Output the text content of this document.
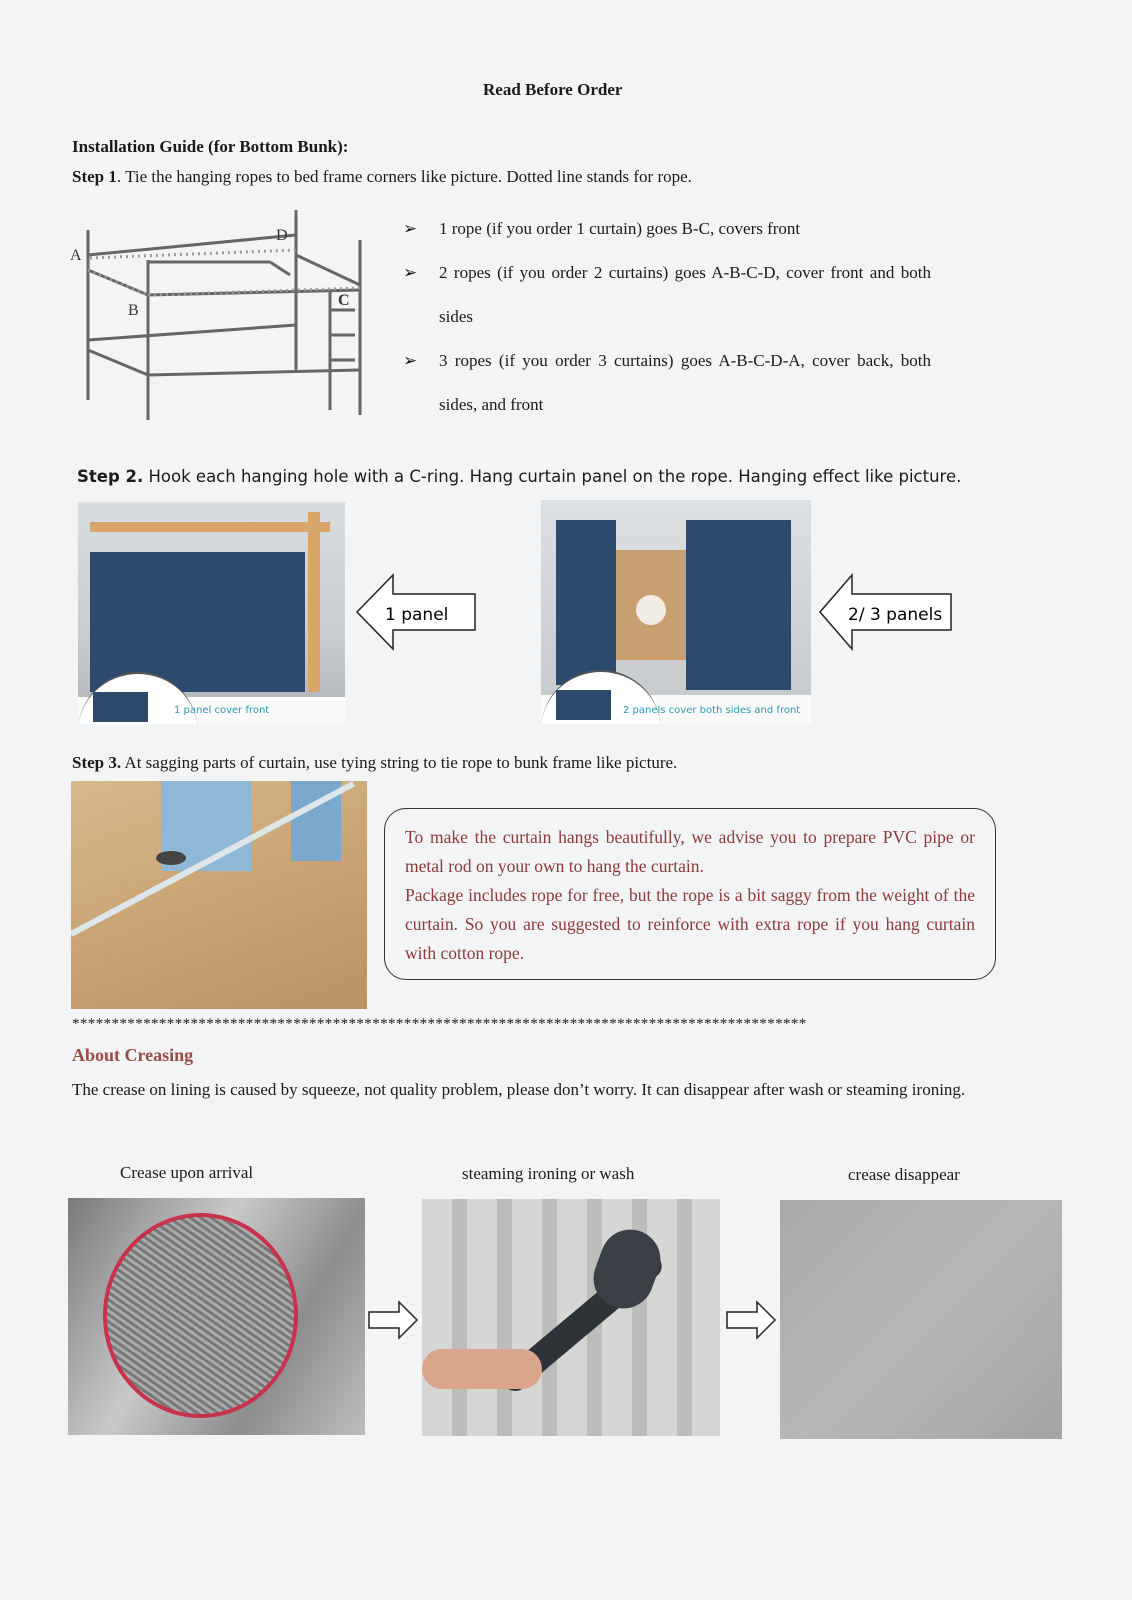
Read Before Order
Installation Guide (for Bottom Bunk):
Step 1. Tie the hanging ropes to bed frame corners like picture. Dotted line stands for rope.
A
B
C
D	➢	1 rope (if you order 1 curtain) goes B-C, covers front
➢	2 ropes (if you order 2 curtains) goes A-B-C-D, cover front and both sides
➢	3 ropes (if you order 3 curtains) goes A-B-C-D-A, cover back, both sides, and front
Step 2. Hook each hanging hole with a C-ring. Hang curtain panel on the rope. Hanging effect like picture.
1 panel cover front
1 panel
2 panels cover both sides and front
2/ 3 panels
Step 3. At sagging parts of curtain, use tying string to tie rope to bunk frame like picture.
To make the curtain hangs beautifully, we advise you to prepare PVC pipe or metal rod on your own to hang the curtain.
Package includes rope for free, but the rope is a bit saggy from the weight of the curtain. So you are suggested to reinforce with extra rope if you hang curtain with cotton rope.
*********************************************************************************************
About Creasing
The crease on lining is caused by squeeze, not quality problem, please don’t worry. It can disappear after wash or steaming ironing.
Crease upon arrival	steaming ironing or wash	crease disappear
